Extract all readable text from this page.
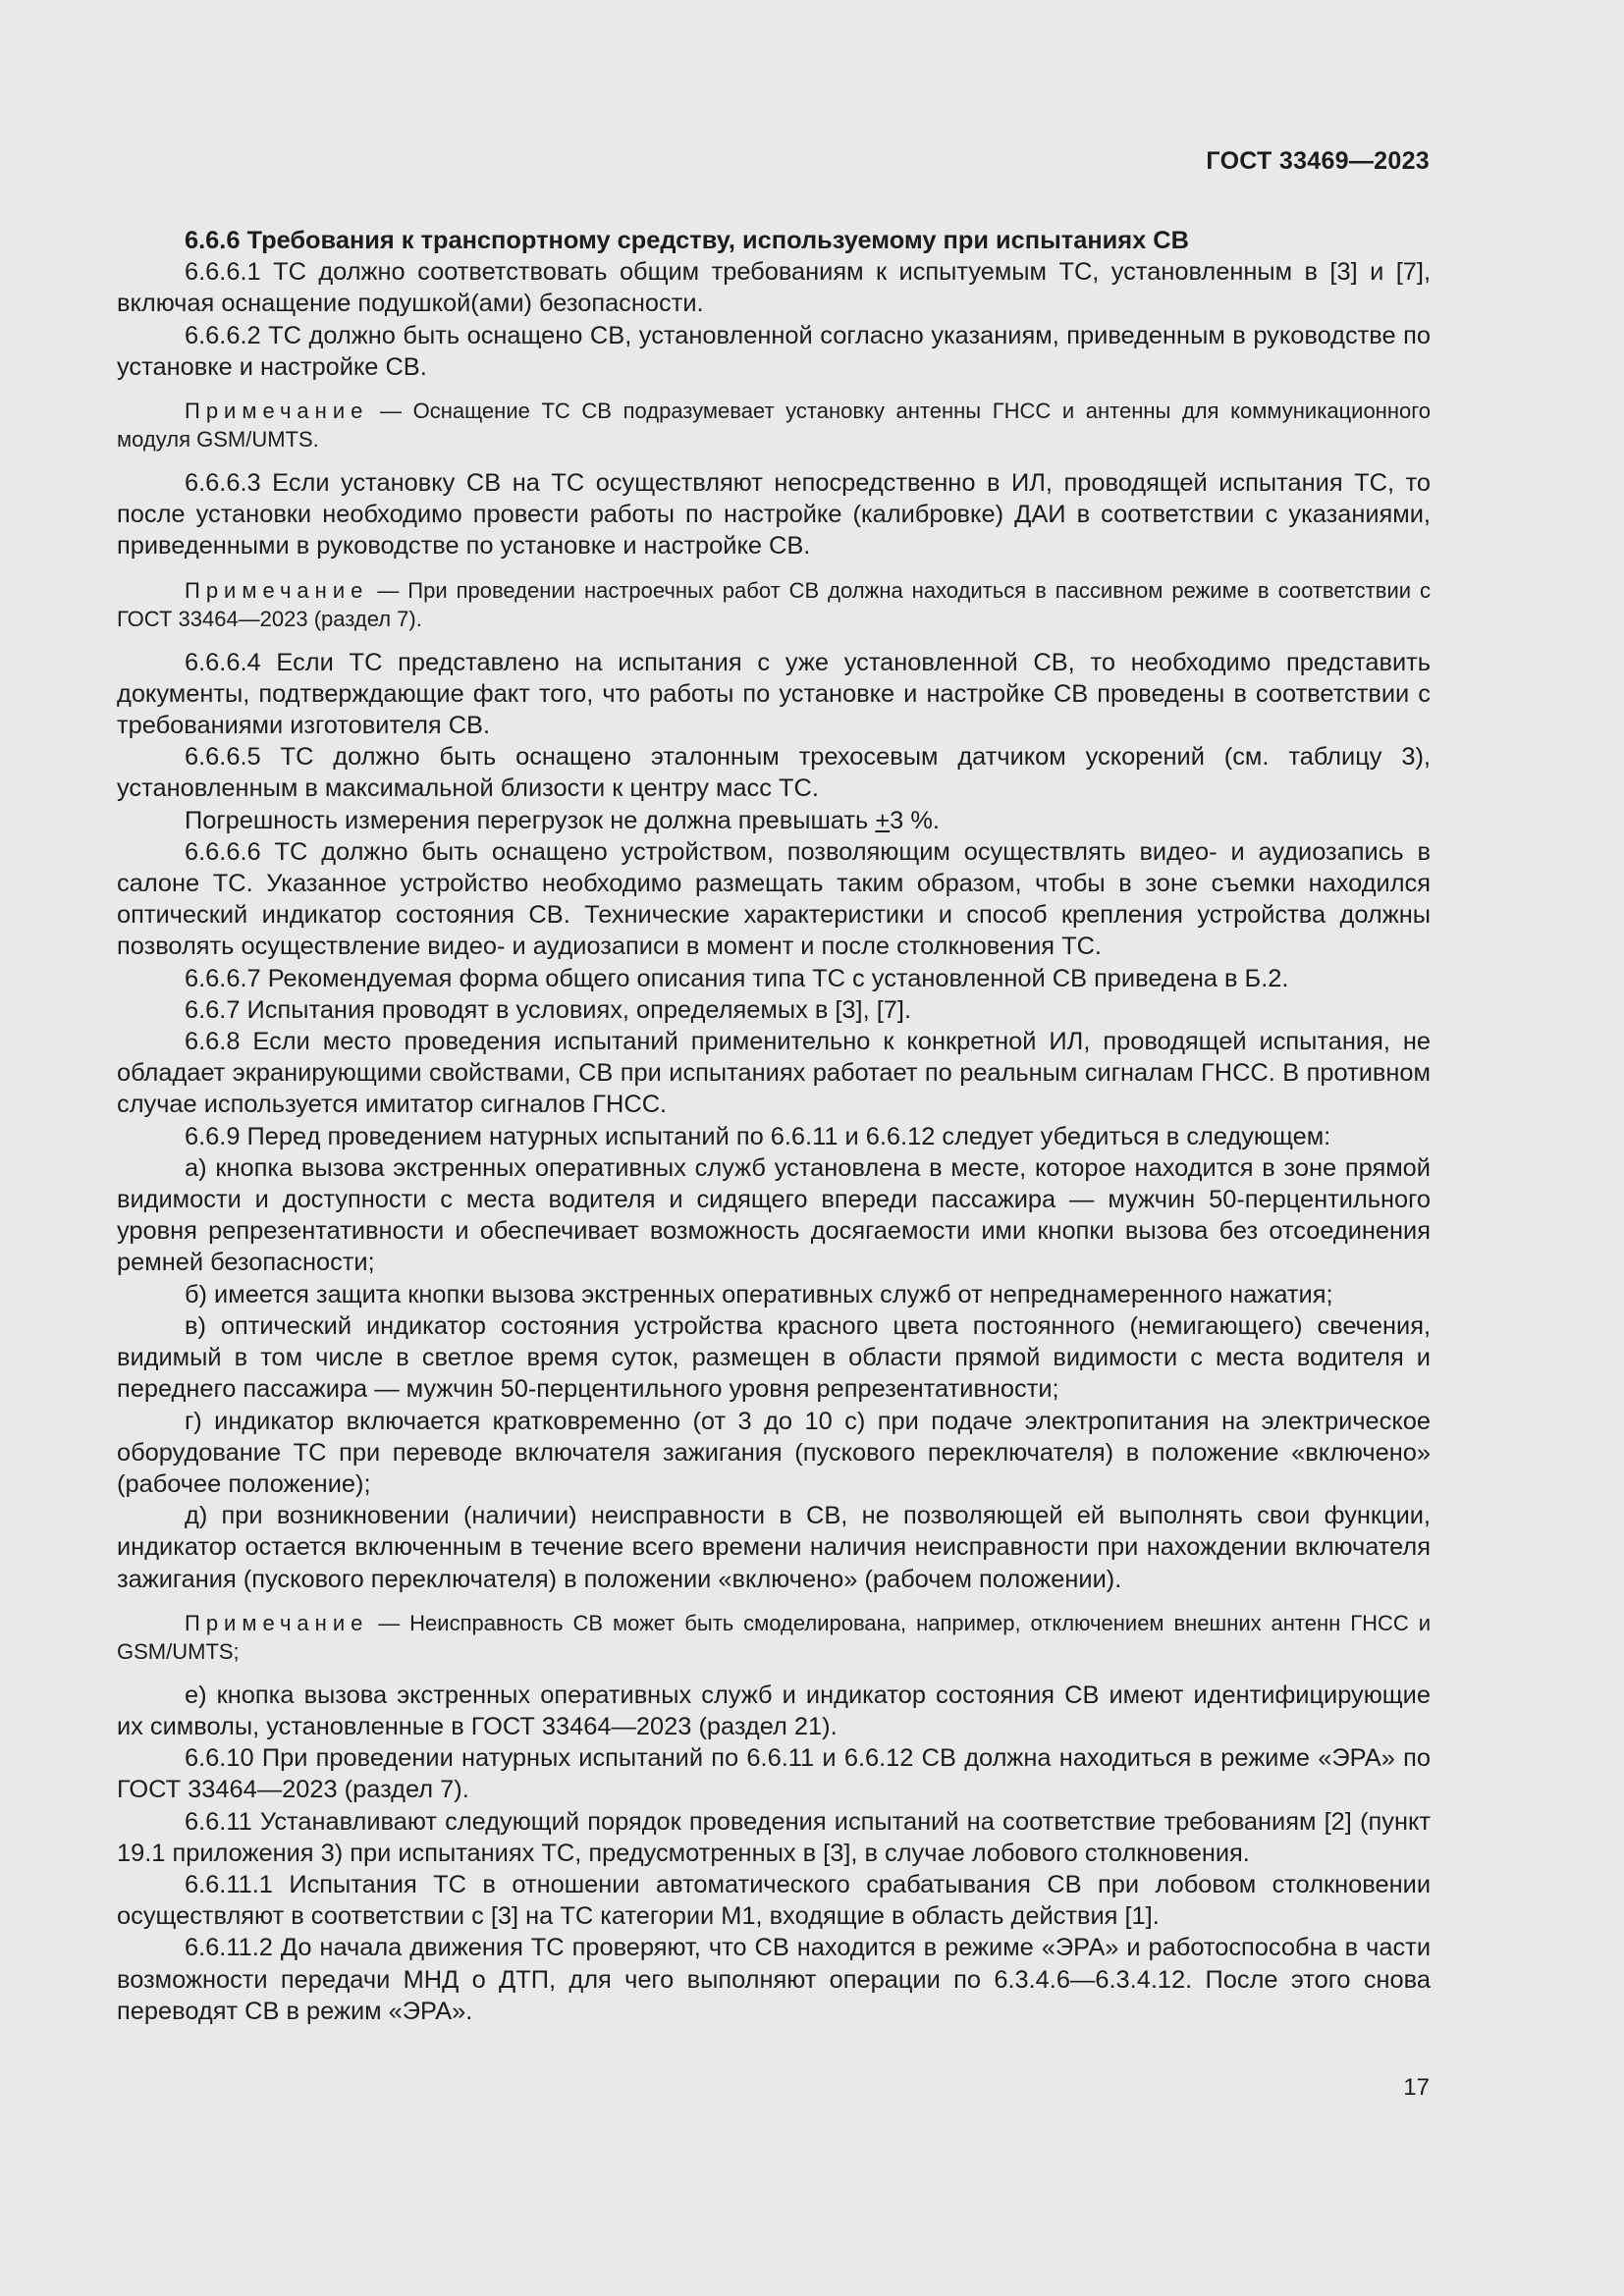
ГОСТ 33469—2023

6.6.6 Требования к транспортному средству, используемому при испытаниях СВ

6.6.6.1 ТС должно соответствовать общим требованиям к испытуемым ТС, установленным в [3] и [7], включая оснащение подушкой(ами) безопасности.

6.6.6.2 ТС должно быть оснащено СВ, установленной согласно указаниям, приведенным в руководстве по установке и настройке СВ.

Примечание — Оснащение ТС СВ подразумевает установку антенны ГНСС и антенны для коммуникационного модуля GSM/UMTS.

6.6.6.3 Если установку СВ на ТС осуществляют непосредственно в ИЛ, проводящей испытания ТС, то после установки необходимо провести работы по настройке (калибровке) ДАИ в соответствии с указаниями, приведенными в руководстве по установке и настройке СВ.

Примечание — При проведении настроечных работ СВ должна находиться в пассивном режиме в соответствии с ГОСТ 33464—2023 (раздел 7).

6.6.6.4 Если ТС представлено на испытания с уже установленной СВ, то необходимо представить документы, подтверждающие факт того, что работы по установке и настройке СВ проведены в соответствии с требованиями изготовителя СВ.

6.6.6.5 ТС должно быть оснащено эталонным трехосевым датчиком ускорений (см. таблицу 3), установленным в максимальной близости к центру масс ТС.

Погрешность измерения перегрузок не должна превышать +3 %.

6.6.6.6 ТС должно быть оснащено устройством, позволяющим осуществлять видео- и аудиозапись в салоне ТС. Указанное устройство необходимо размещать таким образом, чтобы в зоне съемки находился оптический индикатор состояния СВ. Технические характеристики и способ крепления устройства должны позволять осуществление видео- и аудиозаписи в момент и после столкновения ТС.

6.6.6.7 Рекомендуемая форма общего описания типа ТС с установленной СВ приведена в Б.2.

6.6.7 Испытания проводят в условиях, определяемых в [3], [7].

6.6.8 Если место проведения испытаний применительно к конкретной ИЛ, проводящей испытания, не обладает экранирующими свойствами, СВ при испытаниях работает по реальным сигналам ГНСС. В противном случае используется имитатор сигналов ГНСС.

6.6.9 Перед проведением натурных испытаний по 6.6.11 и 6.6.12 следует убедиться в следующем:

а) кнопка вызова экстренных оперативных служб установлена в месте, которое находится в зоне прямой видимости и доступности с места водителя и сидящего впереди пассажира — мужчин 50-перцентильного уровня репрезентативности и обеспечивает возможность досягаемости ими кнопки вызова без отсоединения ремней безопасности;

б) имеется защита кнопки вызова экстренных оперативных служб от непреднамеренного нажатия;

в) оптический индикатор состояния устройства красного цвета постоянного (немигающего) свечения, видимый в том числе в светлое время суток, размещен в области прямой видимости с места водителя и переднего пассажира — мужчин 50-перцентильного уровня репрезентативности;

г) индикатор включается кратковременно (от 3 до 10 с) при подаче электропитания на электрическое оборудование ТС при переводе включателя зажигания (пускового переключателя) в положение «включено» (рабочее положение);

д) при возникновении (наличии) неисправности в СВ, не позволяющей ей выполнять свои функции, индикатор остается включенным в течение всего времени наличия неисправности при нахождении включателя зажигания (пускового переключателя) в положении «включено» (рабочем положении).

Примечание — Неисправность СВ может быть смоделирована, например, отключением внешних антенн ГНСС и GSM/UMTS;

е) кнопка вызова экстренных оперативных служб и индикатор состояния СВ имеют идентифицирующие их символы, установленные в ГОСТ 33464—2023 (раздел 21).

6.6.10 При проведении натурных испытаний по 6.6.11 и 6.6.12 СВ должна находиться в режиме «ЭРА» по ГОСТ 33464—2023 (раздел 7).

6.6.11 Устанавливают следующий порядок проведения испытаний на соответствие требованиям [2] (пункт 19.1 приложения 3) при испытаниях ТС, предусмотренных в [3], в случае лобового столкновения.

6.6.11.1 Испытания ТС в отношении автоматического срабатывания СВ при лобовом столкновении осуществляют в соответствии с [3] на ТС категории M1, входящие в область действия [1].

6.6.11.2 До начала движения ТС проверяют, что СВ находится в режиме «ЭРА» и работоспособна в части возможности передачи МНД о ДТП, для чего выполняют операции по 6.3.4.6—6.3.4.12. После этого снова переводят СВ в режим «ЭРА».

17
